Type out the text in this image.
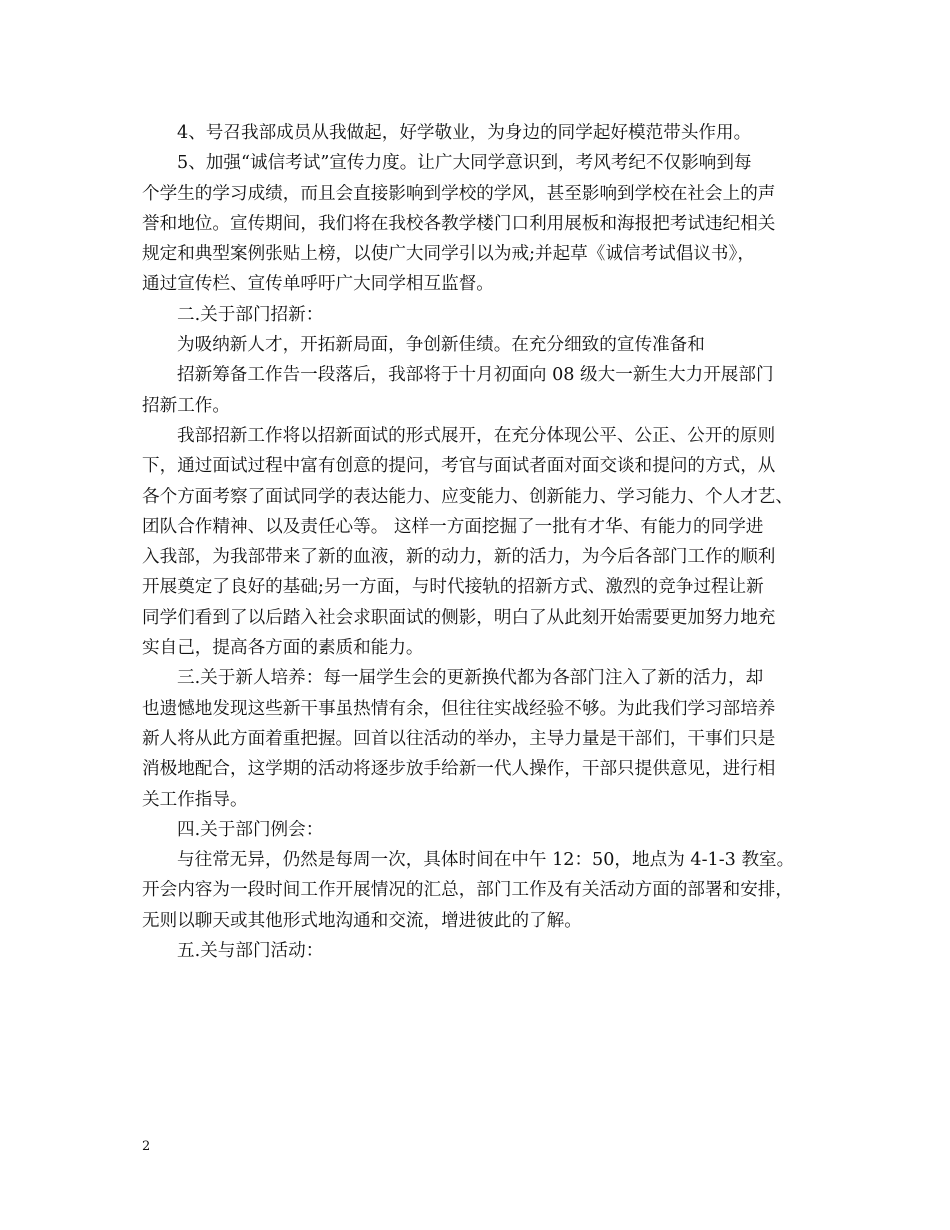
4、号召我部成员从我做起，好学敬业，为身边的同学起好模范带头作用。
5、加强“诚信考试”宣传力度。让广大同学意识到，考风考纪不仅影响到每
个学生的学习成绩，而且会直接影响到学校的学风，甚至影响到学校在社会上的声
誉和地位。宣传期间，我们将在我校各教学楼门口利用展板和海报把考试违纪相关
规定和典型案例张贴上榜，以使广大同学引以为戒;并起草《诚信考试倡议书》，
通过宣传栏、宣传单呼吁广大同学相互监督。
二.关于部门招新：
为吸纳新人才，开拓新局面，争创新佳绩。在充分细致的宣传准备和
招新筹备工作告一段落后，我部将于十月初面向 08 级大一新生大力开展部门
招新工作。
我部招新工作将以招新面试的形式展开，在充分体现公平、公正、公开的原则
下，通过面试过程中富有创意的提问，考官与面试者面对面交谈和提问的方式，从
各个方面考察了面试同学的表达能力、应变能力、创新能力、学习能力、个人才艺、
团队合作精神、以及责任心等。 这样一方面挖掘了一批有才华、有能力的同学进
入我部，为我部带来了新的血液，新的动力，新的活力，为今后各部门工作的顺利
开展奠定了良好的基础;另一方面，与时代接轨的招新方式、激烈的竞争过程让新
同学们看到了以后踏入社会求职面试的侧影，明白了从此刻开始需要更加努力地充
实自己，提高各方面的素质和能力。
三.关于新人培养：每一届学生会的更新换代都为各部门注入了新的活力，却
也遗憾地发现这些新干事虽热情有余，但往往实战经验不够。为此我们学习部培养
新人将从此方面着重把握。回首以往活动的举办，主导力量是干部们，干事们只是
消极地配合，这学期的活动将逐步放手给新一代人操作，干部只提供意见，进行相
关工作指导。
四.关于部门例会：
与往常无异，仍然是每周一次，具体时间在中午 12：50，地点为 4-1-3 教室。
开会内容为一段时间工作开展情况的汇总，部门工作及有关活动方面的部署和安排，
无则以聊天或其他形式地沟通和交流，增进彼此的了解。
五.关与部门活动：
2
